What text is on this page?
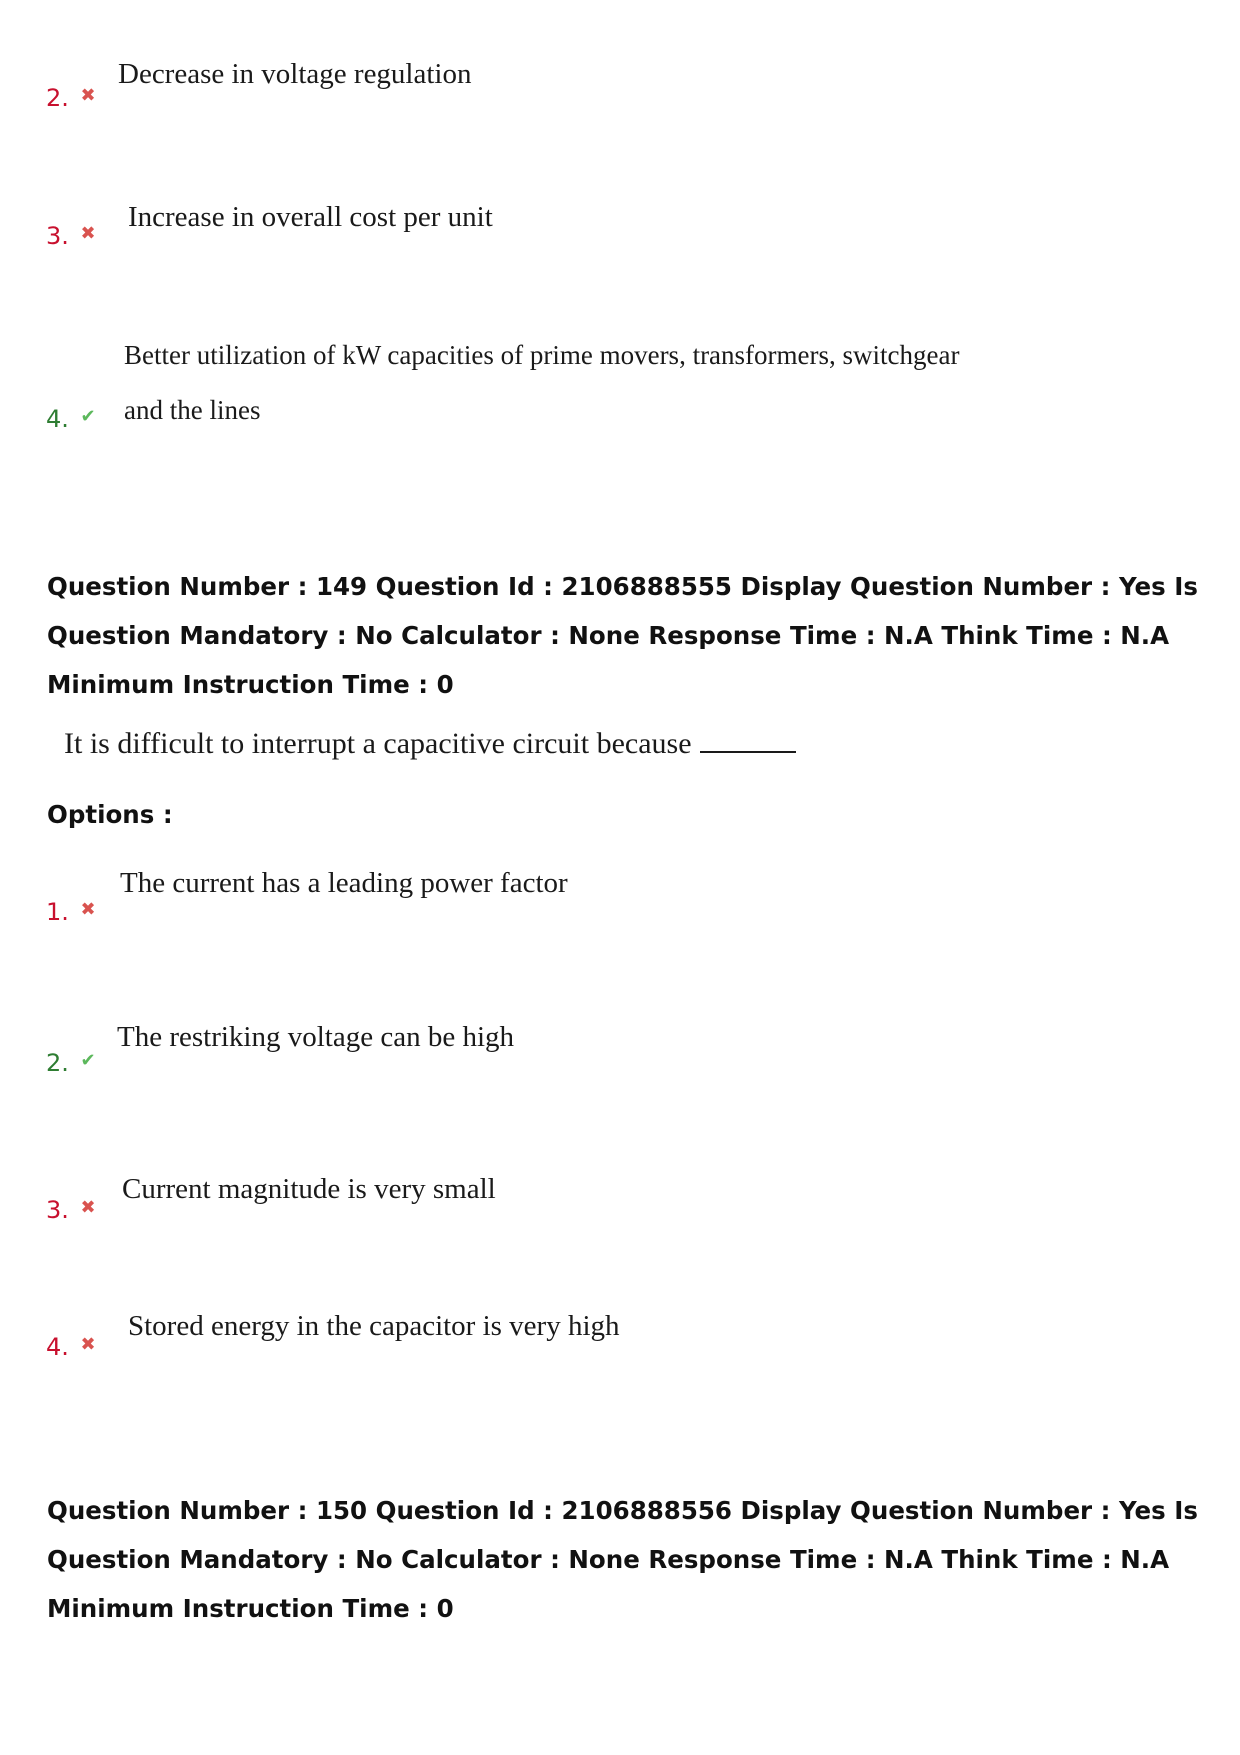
2. ✖
Decrease in voltage regulation
3. ✖
Increase in overall cost per unit
4. ✔
Better utilization of kW capacities of prime movers, transformers, switchgear
and the lines
Question Number : 149 Question Id : 2106888555 Display Question Number : Yes Is Question Mandatory : No Calculator : None Response Time : N.A Think Time : N.A Minimum Instruction Time : 0
It is difficult to interrupt a capacitive circuit because
Options :
1. ✖
The current has a leading power factor
2. ✔
The restriking voltage can be high
3. ✖
Current magnitude is very small
4. ✖
Stored energy in the capacitor is very high
Question Number : 150 Question Id : 2106888556 Display Question Number : Yes Is Question Mandatory : No Calculator : None Response Time : N.A Think Time : N.A Minimum Instruction Time : 0
